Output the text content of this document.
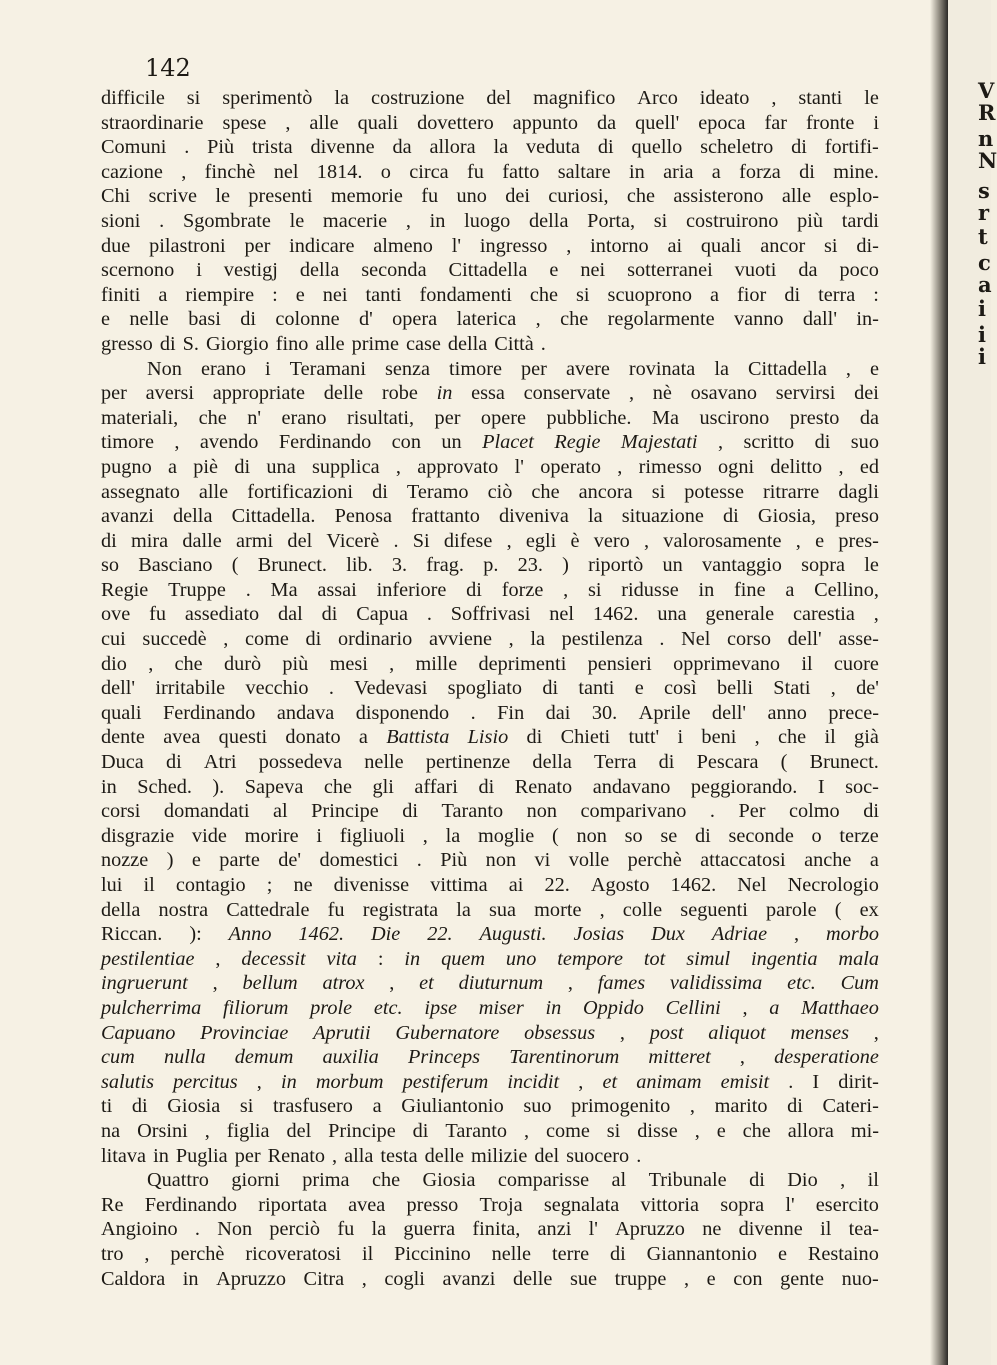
142
difficile si sperimentò la costruzione del magnifico Arco ideato , stanti le
straordinarie spese , alle quali dovettero appunto da quell' epoca far fronte i
Comuni . Più trista divenne da allora la veduta di quello scheletro di fortifi-
cazione , finchè nel 1814. o circa fu fatto saltare in aria a forza di mine.
Chi scrive le presenti memorie fu uno dei curiosi, che assisterono alle esplo-
sioni . Sgombrate le macerie , in luogo della Porta, si costruirono più tardi
due pilastroni per indicare almeno l' ingresso , intorno ai quali ancor si di-
scernono i vestigj della seconda Cittadella e nei sotterranei vuoti da poco
finiti a riempire : e nei tanti fondamenti che si scuoprono a fior di terra :
e nelle basi di colonne d' opera laterica , che regolarmente vanno dall' in-
gresso di S. Giorgio fino alle prime case della Città .
Non erano i Teramani senza timore per avere rovinata la Cittadella , e
per aversi appropriate delle robe in essa conservate , nè osavano servirsi dei
materiali, che n' erano risultati, per opere pubbliche. Ma uscirono presto da
timore , avendo Ferdinando con un Placet Regie Majestati , scritto di suo
pugno a piè di una supplica , approvato l' operato , rimesso ogni delitto , ed
assegnato alle fortificazioni di Teramo ciò che ancora si potesse ritrarre dagli
avanzi della Cittadella. Penosa frattanto diveniva la situazione di Giosia, preso
di mira dalle armi del Vicerè . Si difese , egli è vero , valorosamente , e pres-
so Basciano ( Brunect. lib. 3. frag. p. 23. ) riportò un vantaggio sopra le
Regie Truppe . Ma assai inferiore di forze , si ridusse in fine a Cellino,
ove fu assediato dal di Capua . Soffrivasi nel 1462. una generale carestia ,
cui succedè , come di ordinario avviene , la pestilenza . Nel corso dell' asse-
dio , che durò più mesi , mille deprimenti pensieri opprimevano il cuore
dell' irritabile vecchio . Vedevasi spogliato di tanti e così belli Stati , de'
quali Ferdinando andava disponendo . Fin dai 30. Aprile dell' anno prece-
dente avea questi donato a Battista Lisio di Chieti tutt' i beni , che il già
Duca di Atri possedeva nelle pertinenze della Terra di Pescara ( Brunect.
in Sched. ). Sapeva che gli affari di Renato andavano peggiorando. I soc-
corsi domandati al Principe di Taranto non comparivano . Per colmo di
disgrazie vide morire i figliuoli , la moglie ( non so se di seconde o terze
nozze ) e parte de' domestici . Più non vi volle perchè attaccatosi anche a
lui il contagio ; ne divenisse vittima ai 22. Agosto 1462. Nel Necrologio
della nostra Cattedrale fu registrata la sua morte , colle seguenti parole ( ex
Riccan. ): Anno 1462. Die 22. Augusti. Josias Dux Adriae , morbo
pestilentiae , decessit vita : in quem uno tempore tot simul ingentia mala
ingruerunt , bellum atrox , et diuturnum , fames validissima etc. Cum
pulcherrima filiorum prole etc. ipse miser in Oppido Cellini , a Matthaeo
Capuano Provinciae Aprutii Gubernatore obsessus , post aliquot menses ,
cum nulla demum auxilia Princeps Tarentinorum mitteret , desperatione
salutis percitus , in morbum pestiferum incidit , et animam emisit . I dirit-
ti di Giosia si trasfusero a Giuliantonio suo primogenito , marito di Cateri-
na Orsini , figlia del Principe di Taranto , come si disse , e che allora mi-
litava in Puglia per Renato , alla testa delle milizie del suocero .
Quattro giorni prima che Giosia comparisse al Tribunale di Dio , il
Re Ferdinando riportata avea presso Troja segnalata vittoria sopra l' esercito
Angioino . Non perciò fu la guerra finita, anzi l' Apruzzo ne divenne il tea-
tro , perchè ricoveratosi il Piccinino nelle terre di Giannantonio e Restaino
Caldora in Apruzzo Citra , cogli avanzi delle sue truppe , e con gente nuo-
V
R
n
N
s
r
t
c
a
i
i
i
